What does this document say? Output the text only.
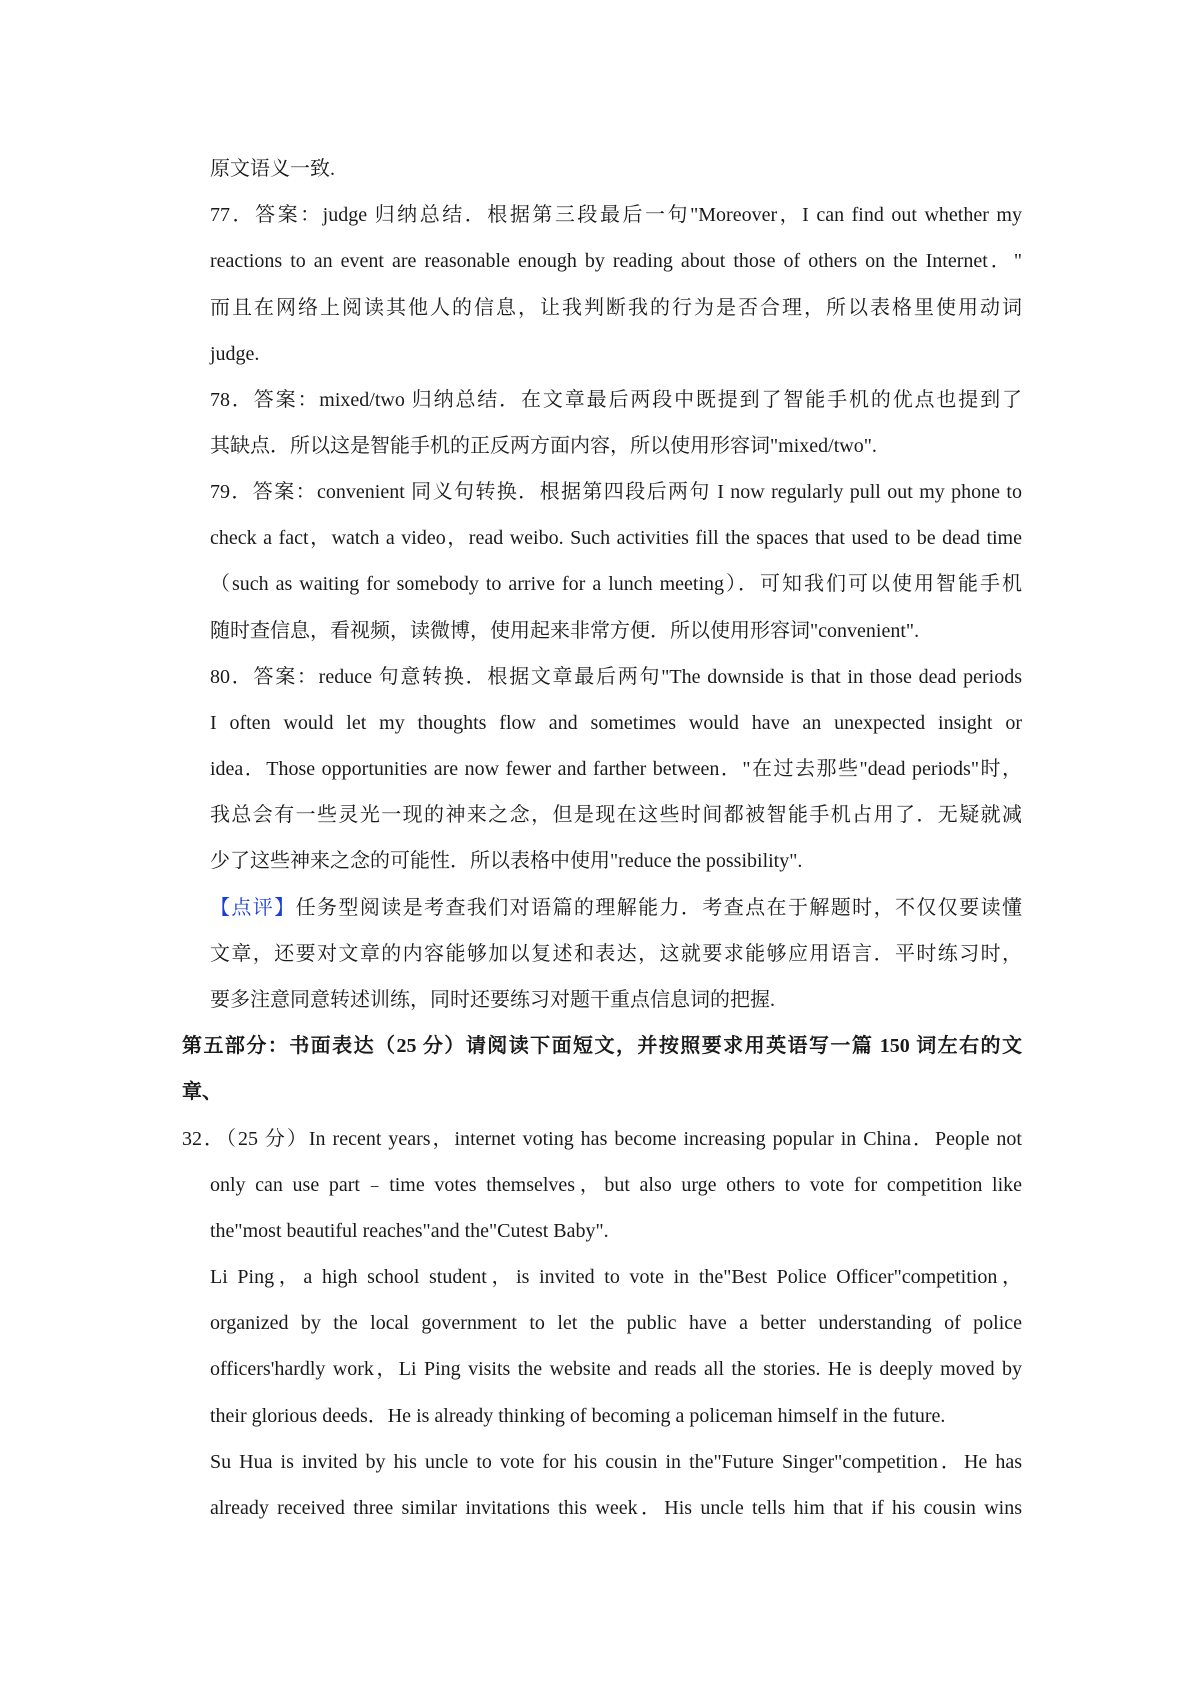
原文语义一致.
77．答案：judge 归纳总结．根据第三段最后一句"Moreover，I can find out whether my
reactions to an event are reasonable enough by reading about those of others on the Internet．"
而且在网络上阅读其他人的信息，让我判断我的行为是否合理，所以表格里使用动词
judge.
78．答案：mixed/two 归纳总结．在文章最后两段中既提到了智能手机的优点也提到了
其缺点．所以这是智能手机的正反两方面内容，所以使用形容词"mixed/two".
79．答案：convenient 同义句转换．根据第四段后两句 I now regularly pull out my phone to
check a fact，watch a video，read weibo. Such activities fill the spaces that used to be dead time
（such as waiting for somebody to arrive for a lunch meeting）．可知我们可以使用智能手机
随时查信息，看视频，读微博，使用起来非常方便．所以使用形容词"convenient".
80．答案：reduce 句意转换．根据文章最后两句"The downside is that in those dead periods
I often would let my thoughts flow and sometimes would have an unexpected insight or
idea．Those opportunities are now fewer and farther between．"在过去那些"dead periods"时，
我总会有一些灵光一现的神来之念，但是现在这些时间都被智能手机占用了．无疑就减
少了这些神来之念的可能性．所以表格中使用"reduce the possibility".
【点评】任务型阅读是考查我们对语篇的理解能力．考查点在于解题时，不仅仅要读懂
文章，还要对文章的内容能够加以复述和表达，这就要求能够应用语言．平时练习时，
要多注意同意转述训练，同时还要练习对题干重点信息词的把握.
第五部分：书面表达（25 分）请阅读下面短文，并按照要求用英语写一篇 150 词左右的文
章、
32．（25 分）In recent years，internet voting has become increasing popular in China．People not
only can use part﹣time votes themselves，but also urge others to vote for competition like
the"most beautiful reaches"and the"Cutest Baby".
Li Ping，a high school student，is invited to vote in the"Best Police Officer"competition，
organized by the local government to let the public have a better understanding of police
officers'hardly work，Li Ping visits the website and reads all the stories. He is deeply moved by
their glorious deeds．He is already thinking of becoming a policeman himself in the future.
Su Hua is invited by his uncle to vote for his cousin in the"Future Singer"competition．He has
already received three similar invitations this week．His uncle tells him that if his cousin wins
